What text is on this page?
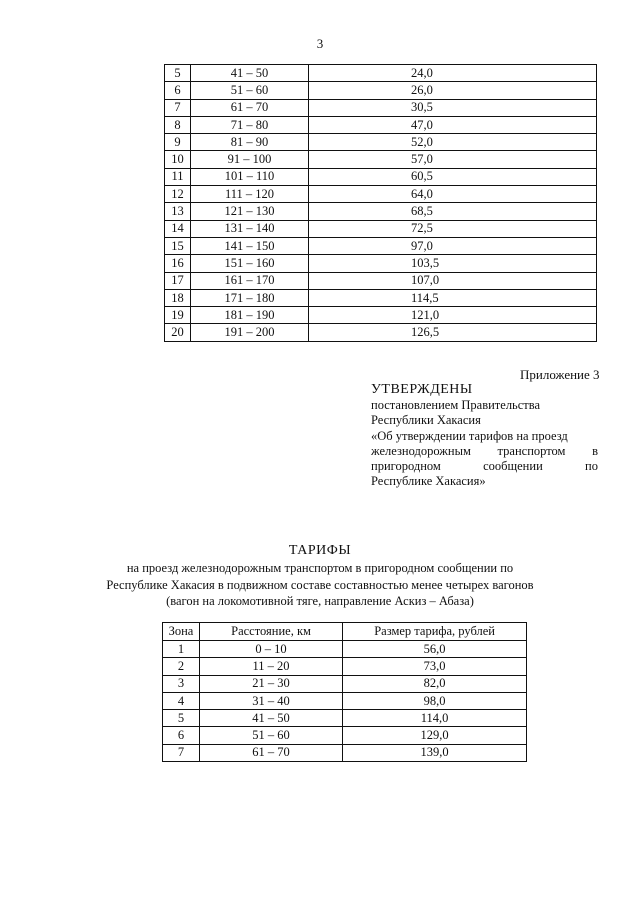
3
5	41 – 50	24,0
6	51 – 60	26,0
7	61 – 70	30,5
8	71 – 80	47,0
9	81 – 90	52,0
10	91 – 100	57,0
11	101 – 110	60,5
12	111 – 120	64,0
13	121 – 130	68,5
14	131 – 140	72,5
15	141 – 150	97,0
16	151 – 160	103,5
17	161 – 170	107,0
18	171 – 180	114,5
19	181 – 190	121,0
20	191 – 200	126,5
Приложение 3
УТВЕРЖДЕНЫ
постановлением Правительства
Республики Хакасия
«Об утверждении тарифов на проезд
железнодорожным транспортом в
пригородном сообщении по
Республике Хакасия»
ТАРИФЫ
на проезд железнодорожным транспортом в пригородном сообщении по
Республике Хакасия в подвижном составе составностью менее четырех вагонов
(вагон на локомотивной тяге, направление Аскиз – Абаза)
Зона	Расстояние, км	Размер тарифа, рублей
1	0 – 10	56,0
2	11 – 20	73,0
3	21 – 30	82,0
4	31 – 40	98,0
5	41 – 50	114,0
6	51 – 60	129,0
7	61 – 70	139,0
